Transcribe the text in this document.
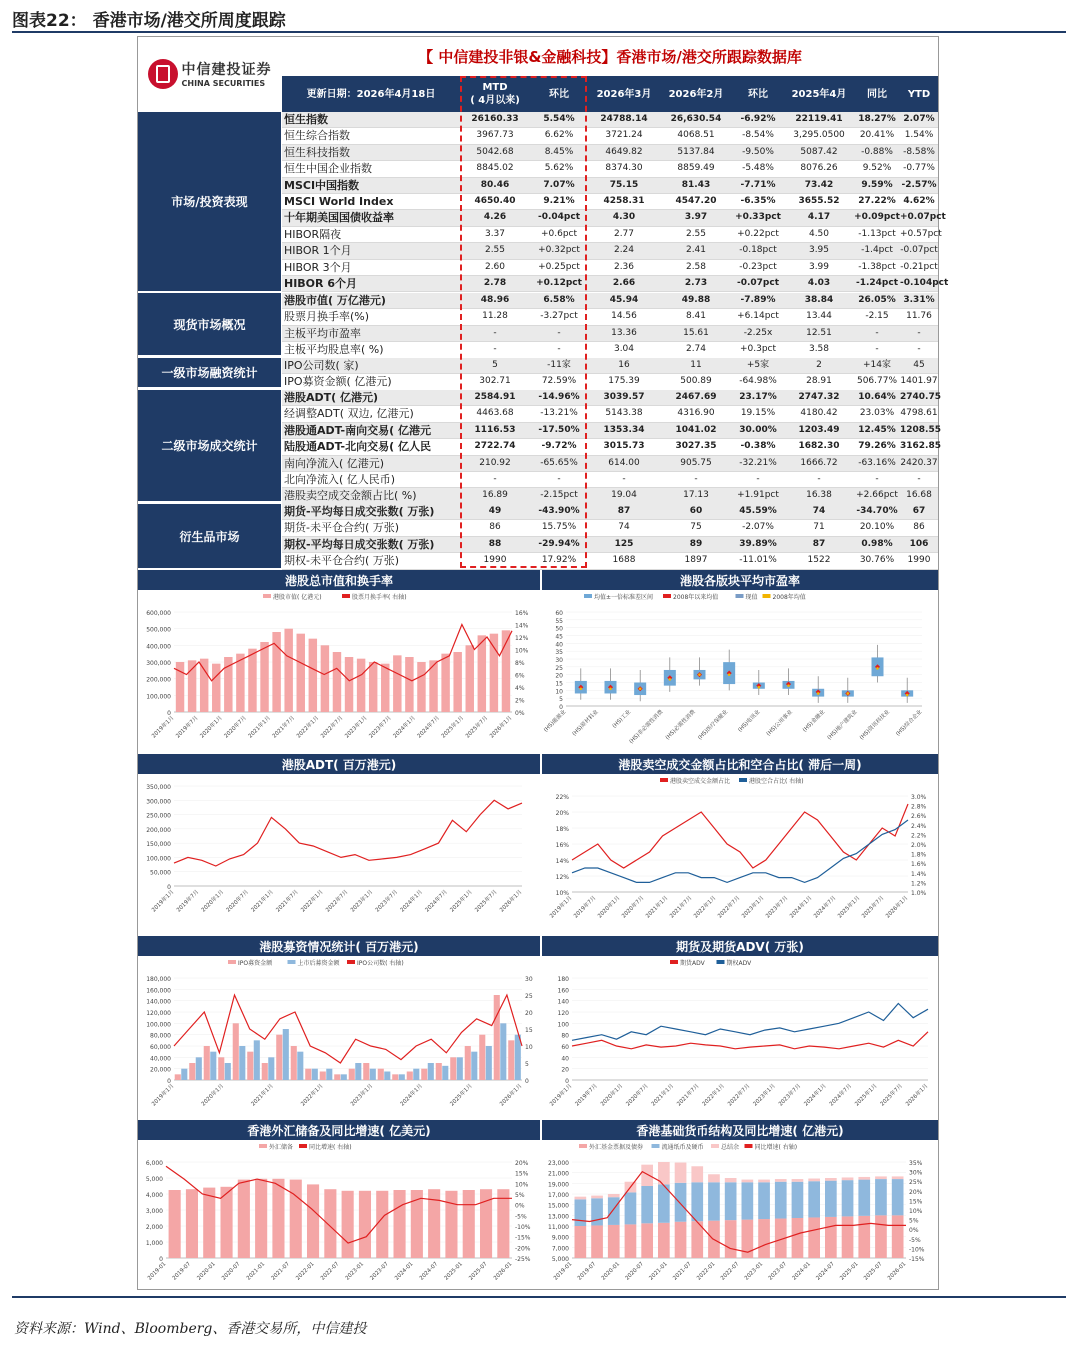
图表22： 香港市场/港交所周度跟踪
中信建投证券
CHINA SECURITIES
【 中信建投非银&金融科技】香港市场/港交所跟踪数据库
更新日期：2026年4月18日
MTD
( 4月以来)
环比	2026年3月	2026年2月	环比	2025年4月	同比	YTD
市场/投资表现
现货市场概况
一级市场融资统计
二级市场成交统计
衍生品市场
恒生指数	26160.33	5.54%	24788.14	26,630.54	-6.92%	22119.41	18.27% 2.07%
恒生综合指数	3967.73	6.62%	3721.24	4068.51	-8.54%	3,295.0500	20.41%	1.54%
恒生科技指数	5042.68	8.45%	4649.82	5137.84	-9.50%	5087.42	-0.88%	-8.58%
恒生中国企业指数	8845.02	5.62%	8374.30	8859.49	-5.48%	8076.26	9.52%	-0.77%
MSCI中国指数	80.46	7.07%	75.15	81.43	-7.71%	73.42	9.59% -2.57%
MSCI World Index	4650.40	9.21%	4258.31	4547.20	-6.35%	3655.52	27.22% 4.62%
十年期美国国债收益率	4.26	-0.04pct	4.30	3.97	+0.33pct	4.17	+0.09pct +0.07pct
HIBOR隔夜	3.37	+0.6pct	2.77	2.55	+0.22pct	4.50	-1.13pct +0.57pct
HIBOR 1个月	2.55	+0.32pct	2.24	2.41	-0.18pct	3.95	-1.4pct -0.07pct
HIBOR 3个月	2.60	+0.25pct	2.36	2.58	-0.23pct	3.99	-1.38pct -0.21pct
HIBOR 6个月	2.78	+0.12pct	2.66	2.73	-0.07pct	4.03	-1.24pct -0.104pct
港股市值( 万亿港元)	48.96	6.58%	45.94	49.88	-7.89%	38.84	26.05% 3.31%
股票月换手率(%)	11.28	-3.27pct	14.56	8.41	+6.14pct	13.44	-2.15	11.76
主板平均市盈率	-	-	13.36	15.61	-2.25x	12.51	-	-
主板平均股息率( %)	-	-	3.04	2.74	+0.3pct	3.58	-	-
IPO公司数( 家)	5	-11家	16	11	+5家	2	+14家	45
IPO募资金额( 亿港元)	302.71	72.59%	175.39	500.89	-64.98%	28.91	506.77% 1401.97
港股ADT( 亿港元)	2584.91	-14.96%	3039.57	2467.69	23.17%	2747.32	10.64% 2740.75
经调整ADT( 双边, 亿港元)	4463.68	-13.21%	5143.38	4316.90	19.15%	4180.42	23.03% 4798.61
港股通ADT-南向交易( 亿港元	1116.53	-17.50%	1353.34	1041.02	30.00%	1203.49	12.45% 1208.55
陆股通ADT-北向交易( 亿人民	2722.74	-9.72%	3015.73	3027.35	-0.38%	1682.30	79.26% 3162.85
南向净流入( 亿港元)	210.92	-65.65%	614.00	905.75	-32.21%	1666.72	-63.16% 2420.37
北向净流入( 亿人民币)	-	-	-	-	-	-	-	-
港股卖空成交金额占比( %)	16.89	-2.15pct	19.04	17.13	+1.91pct	16.38	+2.66pct 16.68
期货-平均每日成交张数( 万张)	49	-43.90%	87	60	45.59%	74	-34.70%	67
期货-未平仓合约( 万张)	86	15.75%	74	75	-2.07%	71	20.10%	86
期权-平均每日成交张数( 万张)	88	-29.94%	125	89	39.89%	87	0.98%	106
期权-未平仓合约( 万张)	1990	17.92%	1688	1897	-11.01%	1522	30.76%	1990
港股总市值和换手率
600,000
500,000
400,000
300,000
200,000
100,000
0
16%
14%
12%
10%
8%
6%
4%
2%
0%
2019年1月 2019年7月 2020年1月 2020年7月 2021年1月 2021年7月 2022年1月 2022年7月 2023年1月 2023年7月 2024年1月 2024年7月 2025年1月 2025年7月 2026年1月
港股市值( 亿港元)	股票月换手率( 右轴)
港股各版块平均市盈率
60
55
50
45
40
35
30
25
20
15
10
5
0
(HS)能源业 (HS)原材料业 (HS)工业
(HS)非必需性消费 (HS)必需性消费 (HS)医疗保健业 (HS)电讯业 (HS)公用事业 (HS)金融业 (HS)地产建筑业 (HS)资讯科技业 (HS)综合企业
均值±一倍标准差区间	2008年以来均值	现值 2008年均值
港股ADT( 百万港元)
350,000
300,000
250,000
200,000
150,000
100,000
50,000
0
2019年1月 2019年7月 2020年1月 2020年7月 2021年1月 2021年7月 2022年1月 2022年7月 2023年1月 2023年7月 2024年1月 2024年7月 2025年1月 2025年7月 2026年1月
港股卖空成交金额占比和空合占比( 滞后一周)
22%
20%
18%
16%
14%
12%
10%
3.0%
2.8%
2.6%
2.4%
2.2%
2.0%
1.8%
1.6%
1.4%
1.2%
1.0%
2019年1月 2019年7月 2020年1月 2020年7月 2021年1月 2021年7月 2022年1月 2022年7月 2023年1月 2023年7月 2024年1月 2024年7月 2025年1月 2025年7月 2026年1月
港股卖空成交金额占比	港股空合占比( 右轴)
港股募资情况统计( 百万港元)
180,000
160,000
140,000
120,000
100,000
80,000
60,000
40,000
20,000
0
30
25
20
15
10
5
0
2019年1月	2020年1月	2021年1月	2022年1月	2023年1月	2024年1月	2025年1月	2026年1月
IPO募资金额	上市后募资金额	IPO公司数( 右轴)
期货及期货ADV( 万张)
180
160
140
120
100
80
60
40
20
0
2019年1月 2019年7月 2020年1月 2020年7月 2021年1月 2021年7月 2022年1月 2022年7月 2023年1月 2023年7月 2024年1月 2024年7月 2025年1月 2025年7月 2026年1月
期货ADV	期权ADV
香港外汇储备及同比增速( 亿美元)
6,000
5,000
4,000
3,000
2,000
1,000
0
20%
15%
10%
5%
0%
-5%
-10%
-15%
-20%
-25%
2019-01 2019-07 2020-01 2020-07 2021-01 2021-07 2022-01 2022-07 2023-01 2023-07 2024-01 2024-07 2025-01 2025-07 2026-01
外汇储备	同比增速( 右轴)
香港基础货币结构及同比增速( 亿港元)
23,000
21,000
19,000
17,000
15,000
13,000
11,000
9,000
7,000
5,000
35%
30%
25%
20%
15%
10%
5%
0%
-5%
-10%
-15%
2019-01 2019-07 2020-01 2020-07 2021-01 2021-07 2022-01 2022-07 2023-01 2023-07 2024-01 2024-07 2025-01 2025-07 2026-01
外汇基金票据及债券	流通纸币及硬币	总结余	同比增速( 右轴)
资料来源：Wind、Bloomberg、香港交易所，中信建投
